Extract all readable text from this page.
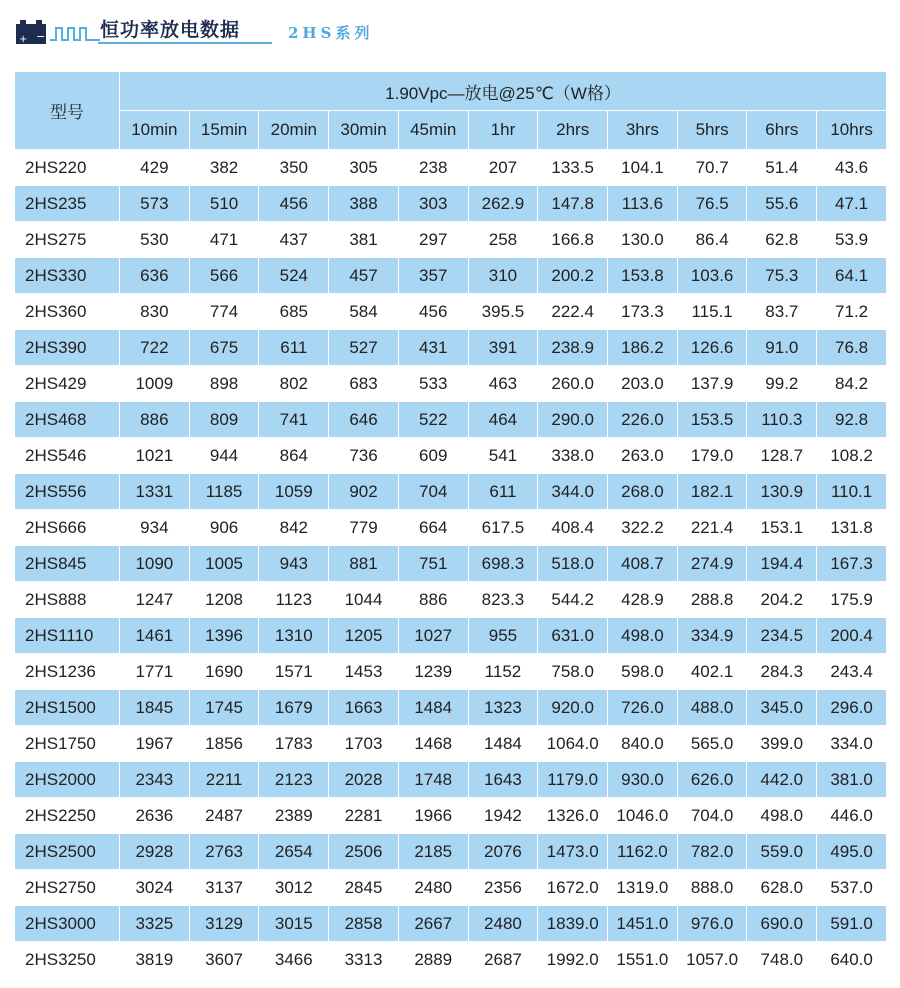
+ −	恒功率放电数据	2HS系列
型号	1.90Vpc—放电@25℃（W格）										
	10min	15min	20min	30min	45min	1hr	2hrs	3hrs	5hrs	6hrs	10hrs
2HS220	429	382	350	305	238	207	133.5	104.1	70.7	51.4	43.6
2HS235	573	510	456	388	303	262.9	147.8	113.6	76.5	55.6	47.1
2HS275	530	471	437	381	297	258	166.8	130.0	86.4	62.8	53.9
2HS330	636	566	524	457	357	310	200.2	153.8	103.6	75.3	64.1
2HS360	830	774	685	584	456	395.5	222.4	173.3	115.1	83.7	71.2
2HS390	722	675	611	527	431	391	238.9	186.2	126.6	91.0	76.8
2HS429	1009	898	802	683	533	463	260.0	203.0	137.9	99.2	84.2
2HS468	886	809	741	646	522	464	290.0	226.0	153.5	110.3	92.8
2HS546	1021	944	864	736	609	541	338.0	263.0	179.0	128.7	108.2
2HS556	1331	1185	1059	902	704	611	344.0	268.0	182.1	130.9	110.1
2HS666	934	906	842	779	664	617.5	408.4	322.2	221.4	153.1	131.8
2HS845	1090	1005	943	881	751	698.3	518.0	408.7	274.9	194.4	167.3
2HS888	1247	1208	1123	1044	886	823.3	544.2	428.9	288.8	204.2	175.9
2HS1110	1461	1396	1310	1205	1027	955	631.0	498.0	334.9	234.5	200.4
2HS1236	1771	1690	1571	1453	1239	1152	758.0	598.0	402.1	284.3	243.4
2HS1500	1845	1745	1679	1663	1484	1323	920.0	726.0	488.0	345.0	296.0
2HS1750	1967	1856	1783	1703	1468	1484	1064.0	840.0	565.0	399.0	334.0
2HS2000	2343	2211	2123	2028	1748	1643	1179.0	930.0	626.0	442.0	381.0
2HS2250	2636	2487	2389	2281	1966	1942	1326.0	1046.0	704.0	498.0	446.0
2HS2500	2928	2763	2654	2506	2185	2076	1473.0	1162.0	782.0	559.0	495.0
2HS2750	3024	3137	3012	2845	2480	2356	1672.0	1319.0	888.0	628.0	537.0
2HS3000	3325	3129	3015	2858	2667	2480	1839.0	1451.0	976.0	690.0	591.0
2HS3250	3819	3607	3466	3313	2889	2687	1992.0	1551.0	1057.0	748.0	640.0
